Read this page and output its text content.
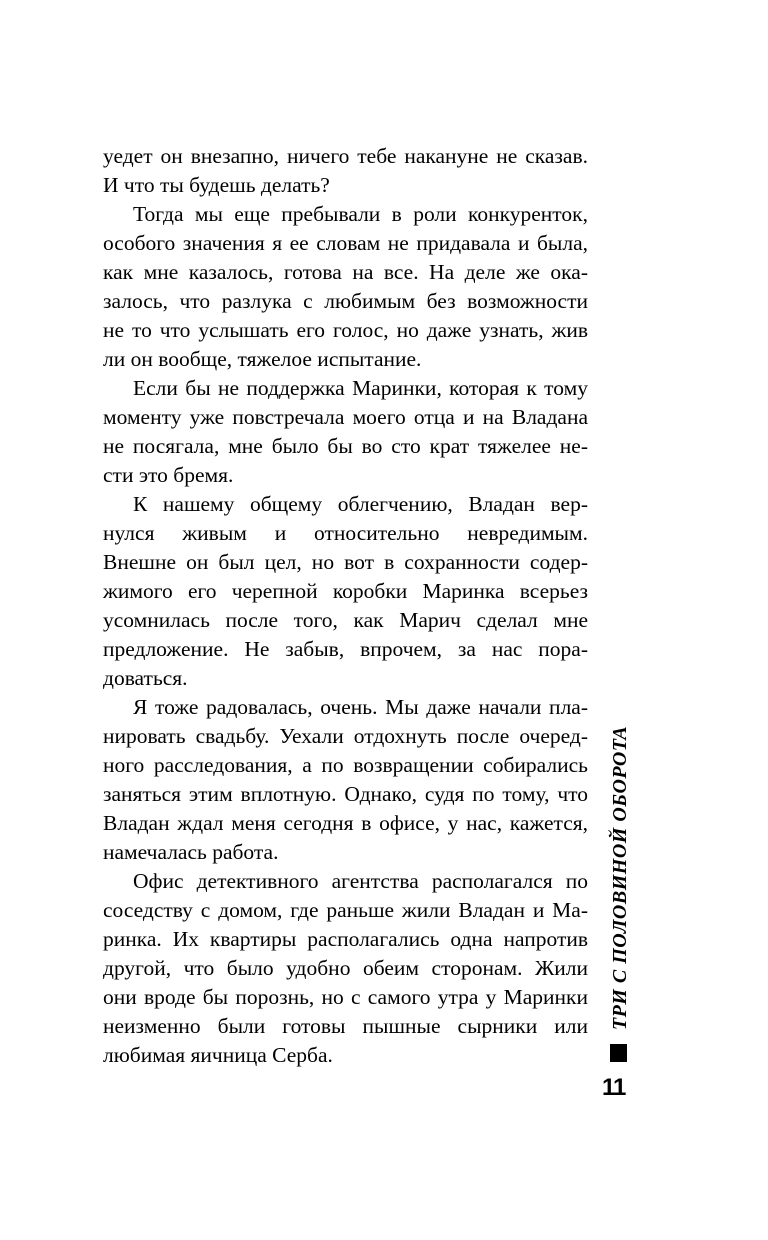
уедет он внезапно, ничего тебе накануне не сказав.
И что ты будешь делать?
Тогда мы еще пребывали в роли конкуренток,
особого значения я ее словам не придавала и была,
как мне казалось, готова на все. На деле же ока-
залось, что разлука с любимым без возможности
не то что услышать его голос, но даже узнать, жив
ли он вообще, тяжелое испытание.
Если бы не поддержка Маринки, которая к тому
моменту уже повстречала моего отца и на Владана
не посягала, мне было бы во сто крат тяжелее не-
сти это бремя.
К нашему общему облегчению, Владан вер-
нулся живым и относительно невредимым.
Внешне он был цел, но вот в сохранности содер-
жимого его черепной коробки Маринка всерьез
усомнилась после того, как Марич сделал мне
предложение. Не забыв, впрочем, за нас пора-
доваться.
Я тоже радовалась, очень. Мы даже начали пла-
нировать свадьбу. Уехали отдохнуть после очеред-
ного расследования, а по возвращении собирались
заняться этим вплотную. Однако, судя по тому, что
Владан ждал меня сегодня в офисе, у нас, кажется,
намечалась работа.
Офис детективного агентства располагался по
соседству с домом, где раньше жили Владан и Ма-
ринка. Их квартиры располагались одна напротив
другой, что было удобно обеим сторонам. Жили
они вроде бы порознь, но с самого утра у Маринки
неизменно были готовы пышные сырники или
любимая яичница Серба.
ТРИ С ПОЛОВИНОЙ ОБОРОТА
11
